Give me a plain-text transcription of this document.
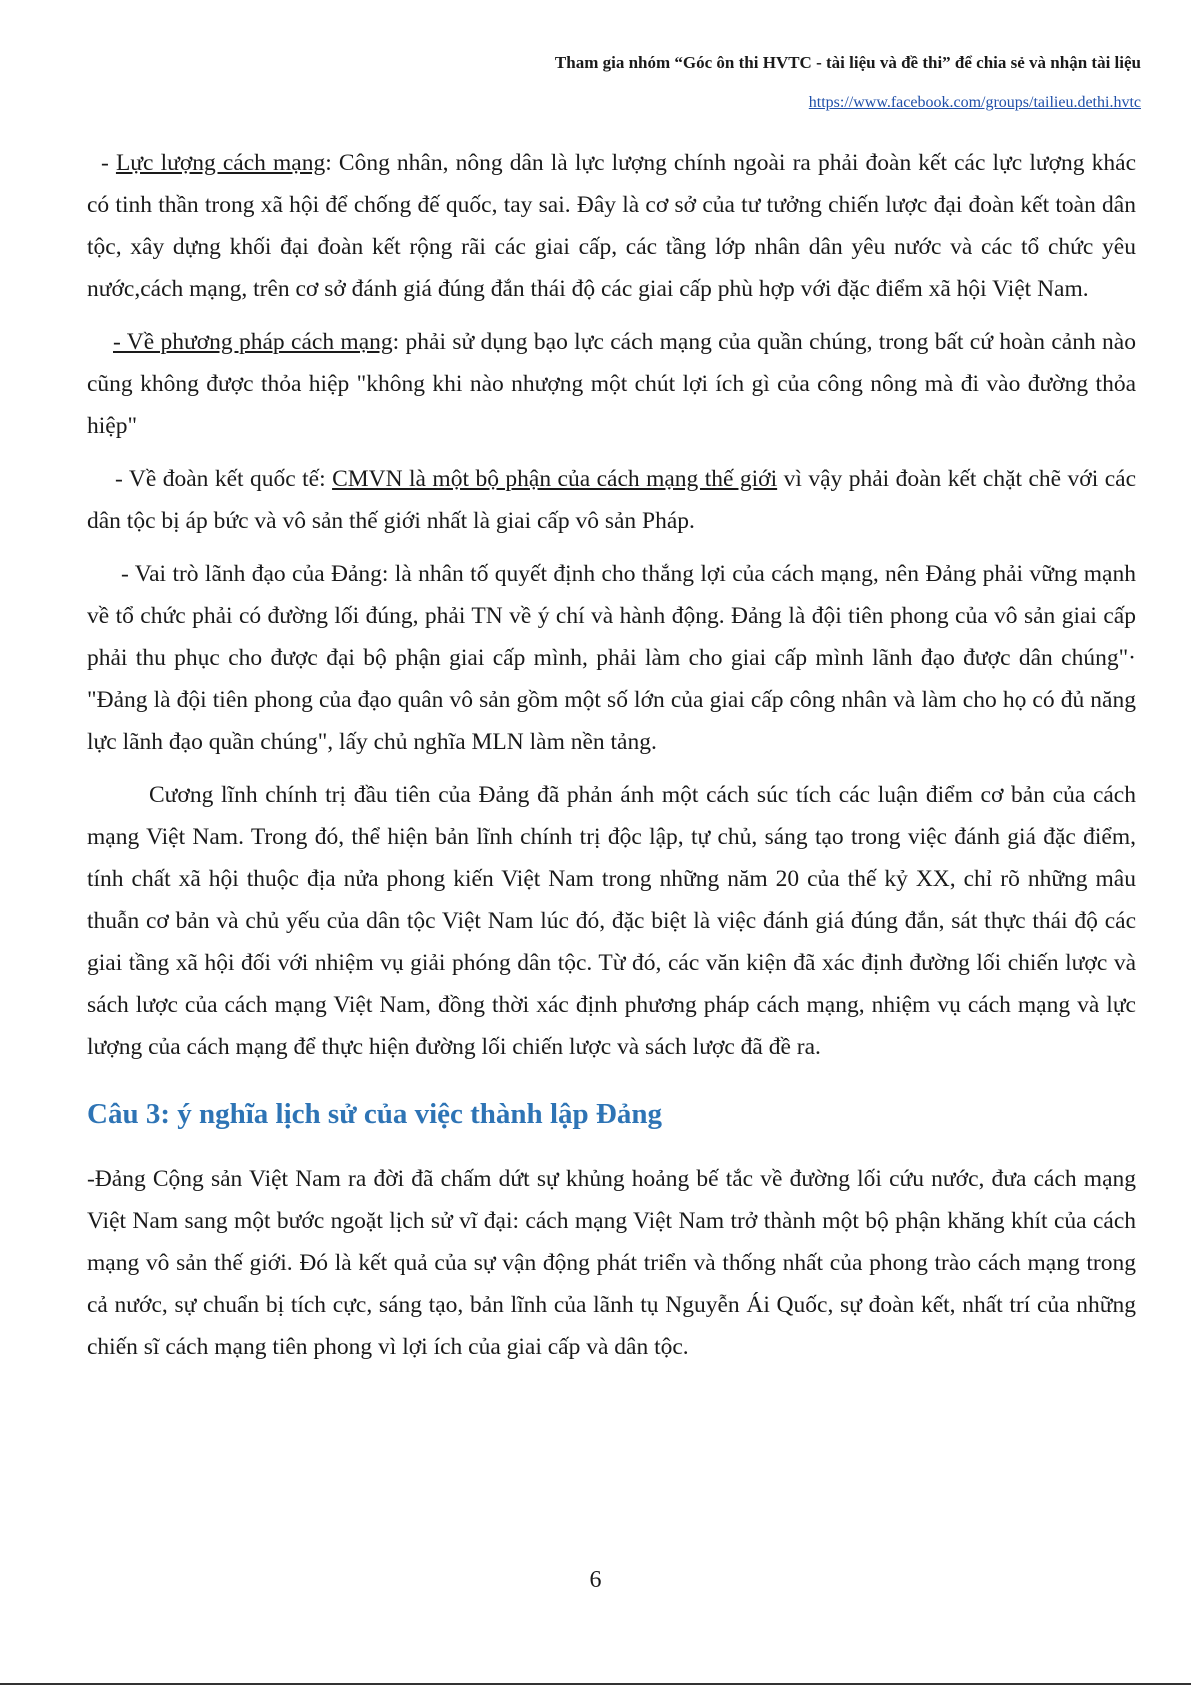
Tham gia nhóm “Góc ôn thi HVTC - tài liệu và đề thi” để chia sẻ và nhận tài liệu
https://www.facebook.com/groups/tailieu.dethi.hvtc

- Lực lượng cách mạng: Công nhân, nông dân là lực lượng chính ngoài ra phải đoàn kết các lực lượng khác có tinh thần trong xã hội để chống đế quốc, tay sai. Đây là cơ sở của tư tưởng chiến lược đại đoàn kết toàn dân tộc, xây dựng khối đại đoàn kết rộng rãi các giai cấp, các tầng lớp nhân dân yêu nước và các tổ chức yêu nước,cách mạng, trên cơ sở đánh giá đúng đắn thái độ các giai cấp phù hợp với đặc điểm xã hội Việt Nam.

- Về phương pháp cách mạng: phải sử dụng bạo lực cách mạng của quần chúng, trong bất cứ hoàn cảnh nào cũng không được thỏa hiệp "không khi nào nhượng một chút lợi ích gì của công nông mà đi vào đường thỏa hiệp"

- Về đoàn kết quốc tế: CMVN là một bộ phận của cách mạng thế giới vì vậy phải đoàn kết chặt chẽ với các dân tộc bị áp bức và vô sản thế giới nhất là giai cấp vô sản Pháp.

- Vai trò lãnh đạo của Đảng: là nhân tố quyết định cho thắng lợi của cách mạng, nên Đảng phải vững mạnh về tổ chức phải có đường lối đúng, phải TN về ý chí và hành động. Đảng là đội tiên phong của vô sản giai cấp phải thu phục cho được đại bộ phận giai cấp mình, phải làm cho giai cấp mình lãnh đạo được dân chúng"· "Đảng là đội tiên phong của đạo quân vô sản gồm một số lớn của giai cấp công nhân và làm cho họ có đủ năng lực lãnh đạo quần chúng", lấy chủ nghĩa MLN làm nền tảng.

Cương lĩnh chính trị đầu tiên của Đảng đã phản ánh một cách súc tích các luận điểm cơ bản của cách mạng Việt Nam. Trong đó, thể hiện bản lĩnh chính trị độc lập, tự chủ, sáng tạo trong việc đánh giá đặc điểm, tính chất xã hội thuộc địa nửa phong kiến Việt Nam trong những năm 20 của thế kỷ XX, chỉ rõ những mâu thuẫn cơ bản và chủ yếu của dân tộc Việt Nam lúc đó, đặc biệt là việc đánh giá đúng đắn, sát thực thái độ các giai tầng xã hội đối với nhiệm vụ giải phóng dân tộc. Từ đó, các văn kiện đã xác định đường lối chiến lược và sách lược của cách mạng Việt Nam, đồng thời xác định phương pháp cách mạng, nhiệm vụ cách mạng và lực lượng của cách mạng để thực hiện đường lối chiến lược và sách lược đã đề ra.

Câu 3: ý nghĩa lịch sử của việc thành lập Đảng

-Đảng Cộng sản Việt Nam ra đời đã chấm dứt sự khủng hoảng bế tắc về đường lối cứu nước, đưa cách mạng Việt Nam sang một bước ngoặt lịch sử vĩ đại: cách mạng Việt Nam trở thành một bộ phận khăng khít của cách mạng vô sản thế giới. Đó là kết quả của sự vận động phát triển và thống nhất của phong trào cách mạng trong cả nước, sự chuẩn bị tích cực, sáng tạo, bản lĩnh của lãnh tụ Nguyễn Ái Quốc, sự đoàn kết, nhất trí của những chiến sĩ cách mạng tiên phong vì lợi ích của giai cấp và dân tộc.

6
